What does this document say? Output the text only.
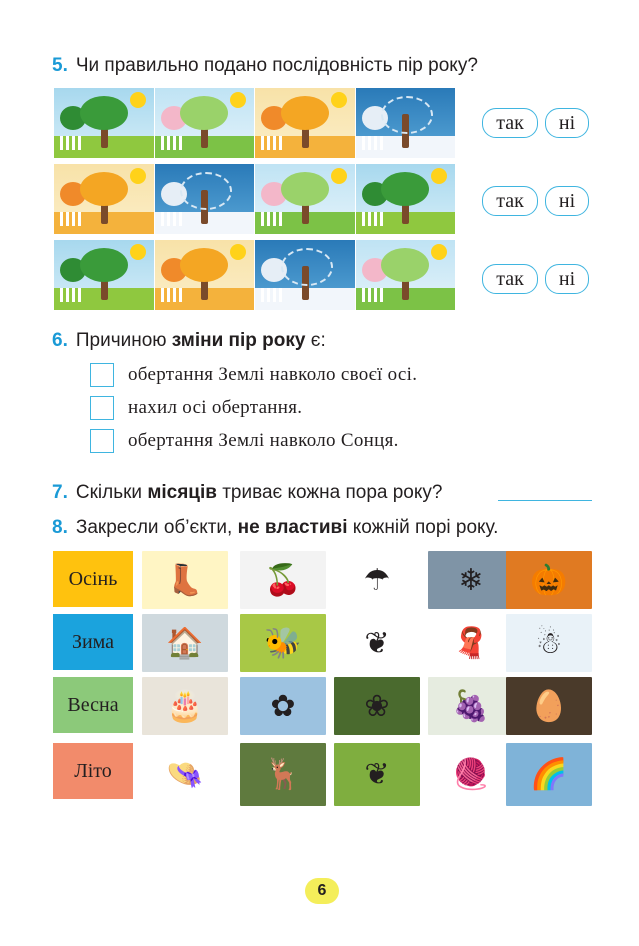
5. Чи правильно подано послідовність пір року?
так	ні
так	ні
так	ні
6. Причиною зміни пір року є:
обертання Землі навколо своєї осі.
нахил осі обертання.
обертання Землі навколо Сонця.
7. Скільки місяців триває кожна пора року?
8. Закресли об’єкти, не властиві кожній порі року.
Осінь	👢	🍒	☂	❄	🎃
Зима	🏠	🐝	❦	🧣	☃
Весна	🎂	✿	❀	🍇	🥚
Літо	👒	🦌	❦	🧶	🌈
6
